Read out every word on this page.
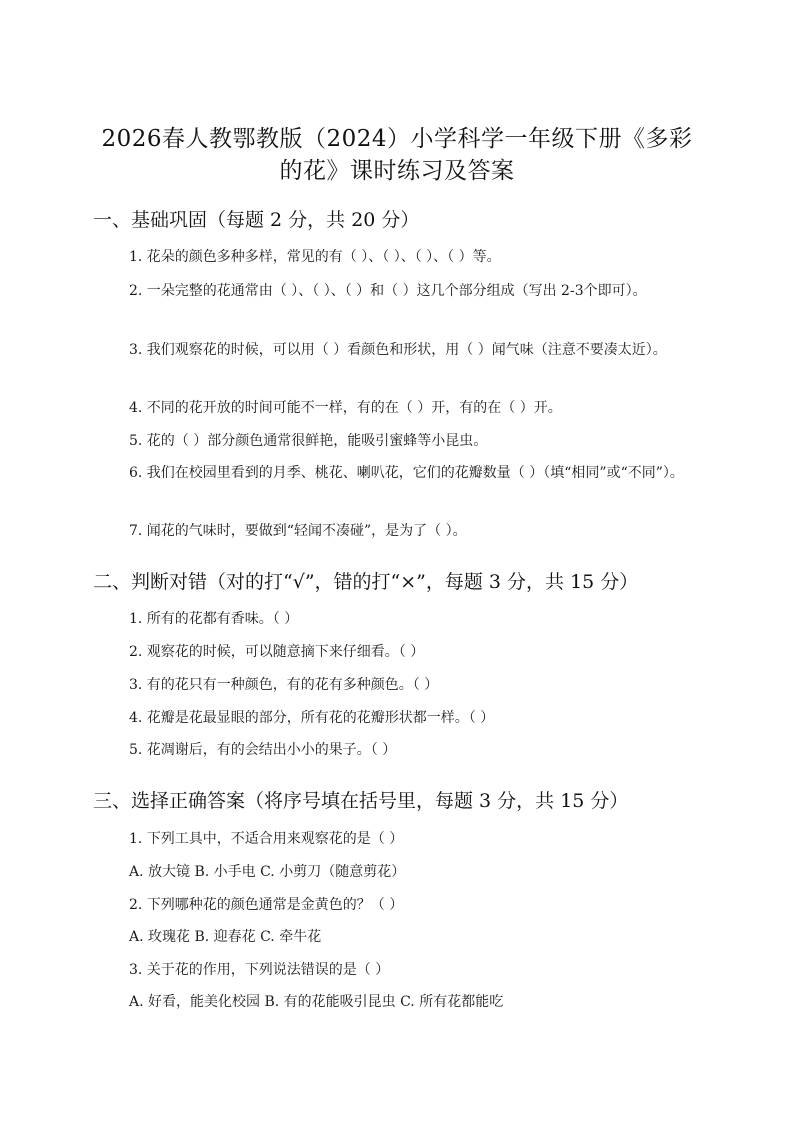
2026春人教鄂教版（2024）小学科学一年级下册《多彩
的花》课时练习及答案
一、基础巩固（每题 2 分，共 20 分）
1. 花朵的颜色多种多样，常见的有（ ）、（ ）、（ ）、（ ）等。
2. 一朵完整的花通常由（ ）、（ ）、（ ）和（ ）这几个部分组成（写出 2-3个即可）。
3. 我们观察花的时候，可以用（ ）看颜色和形状，用（ ）闻气味（注意不要凑太近）。
4. 不同的花开放的时间可能不一样，有的在（ ）开，有的在（ ）开。
5. 花的（ ）部分颜色通常很鲜艳，能吸引蜜蜂等小昆虫。
6. 我们在校园里看到的月季、桃花、喇叭花，它们的花瓣数量（ ）（填“相同”或“不同”）。
7. 闻花的气味时，要做到“轻闻不凑碰”，是为了（ ）。
二、判断对错（对的打“√”，错的打“×”，每题 3 分，共 15 分）
1. 所有的花都有香味。（ ）
2. 观察花的时候，可以随意摘下来仔细看。（ ）
3. 有的花只有一种颜色，有的花有多种颜色。（ ）
4. 花瓣是花最显眼的部分，所有花的花瓣形状都一样。（ ）
5. 花凋谢后，有的会结出小小的果子。（ ）
三、选择正确答案（将序号填在括号里，每题 3 分，共 15 分）
1. 下列工具中，不适合用来观察花的是（ ）
A. 放大镜 B. 小手电 C. 小剪刀（随意剪花）
2. 下列哪种花的颜色通常是金黄色的？（ ）
A. 玫瑰花 B. 迎春花 C. 牵牛花
3. 关于花的作用，下列说法错误的是（ ）
A. 好看，能美化校园 B. 有的花能吸引昆虫 C. 所有花都能吃
